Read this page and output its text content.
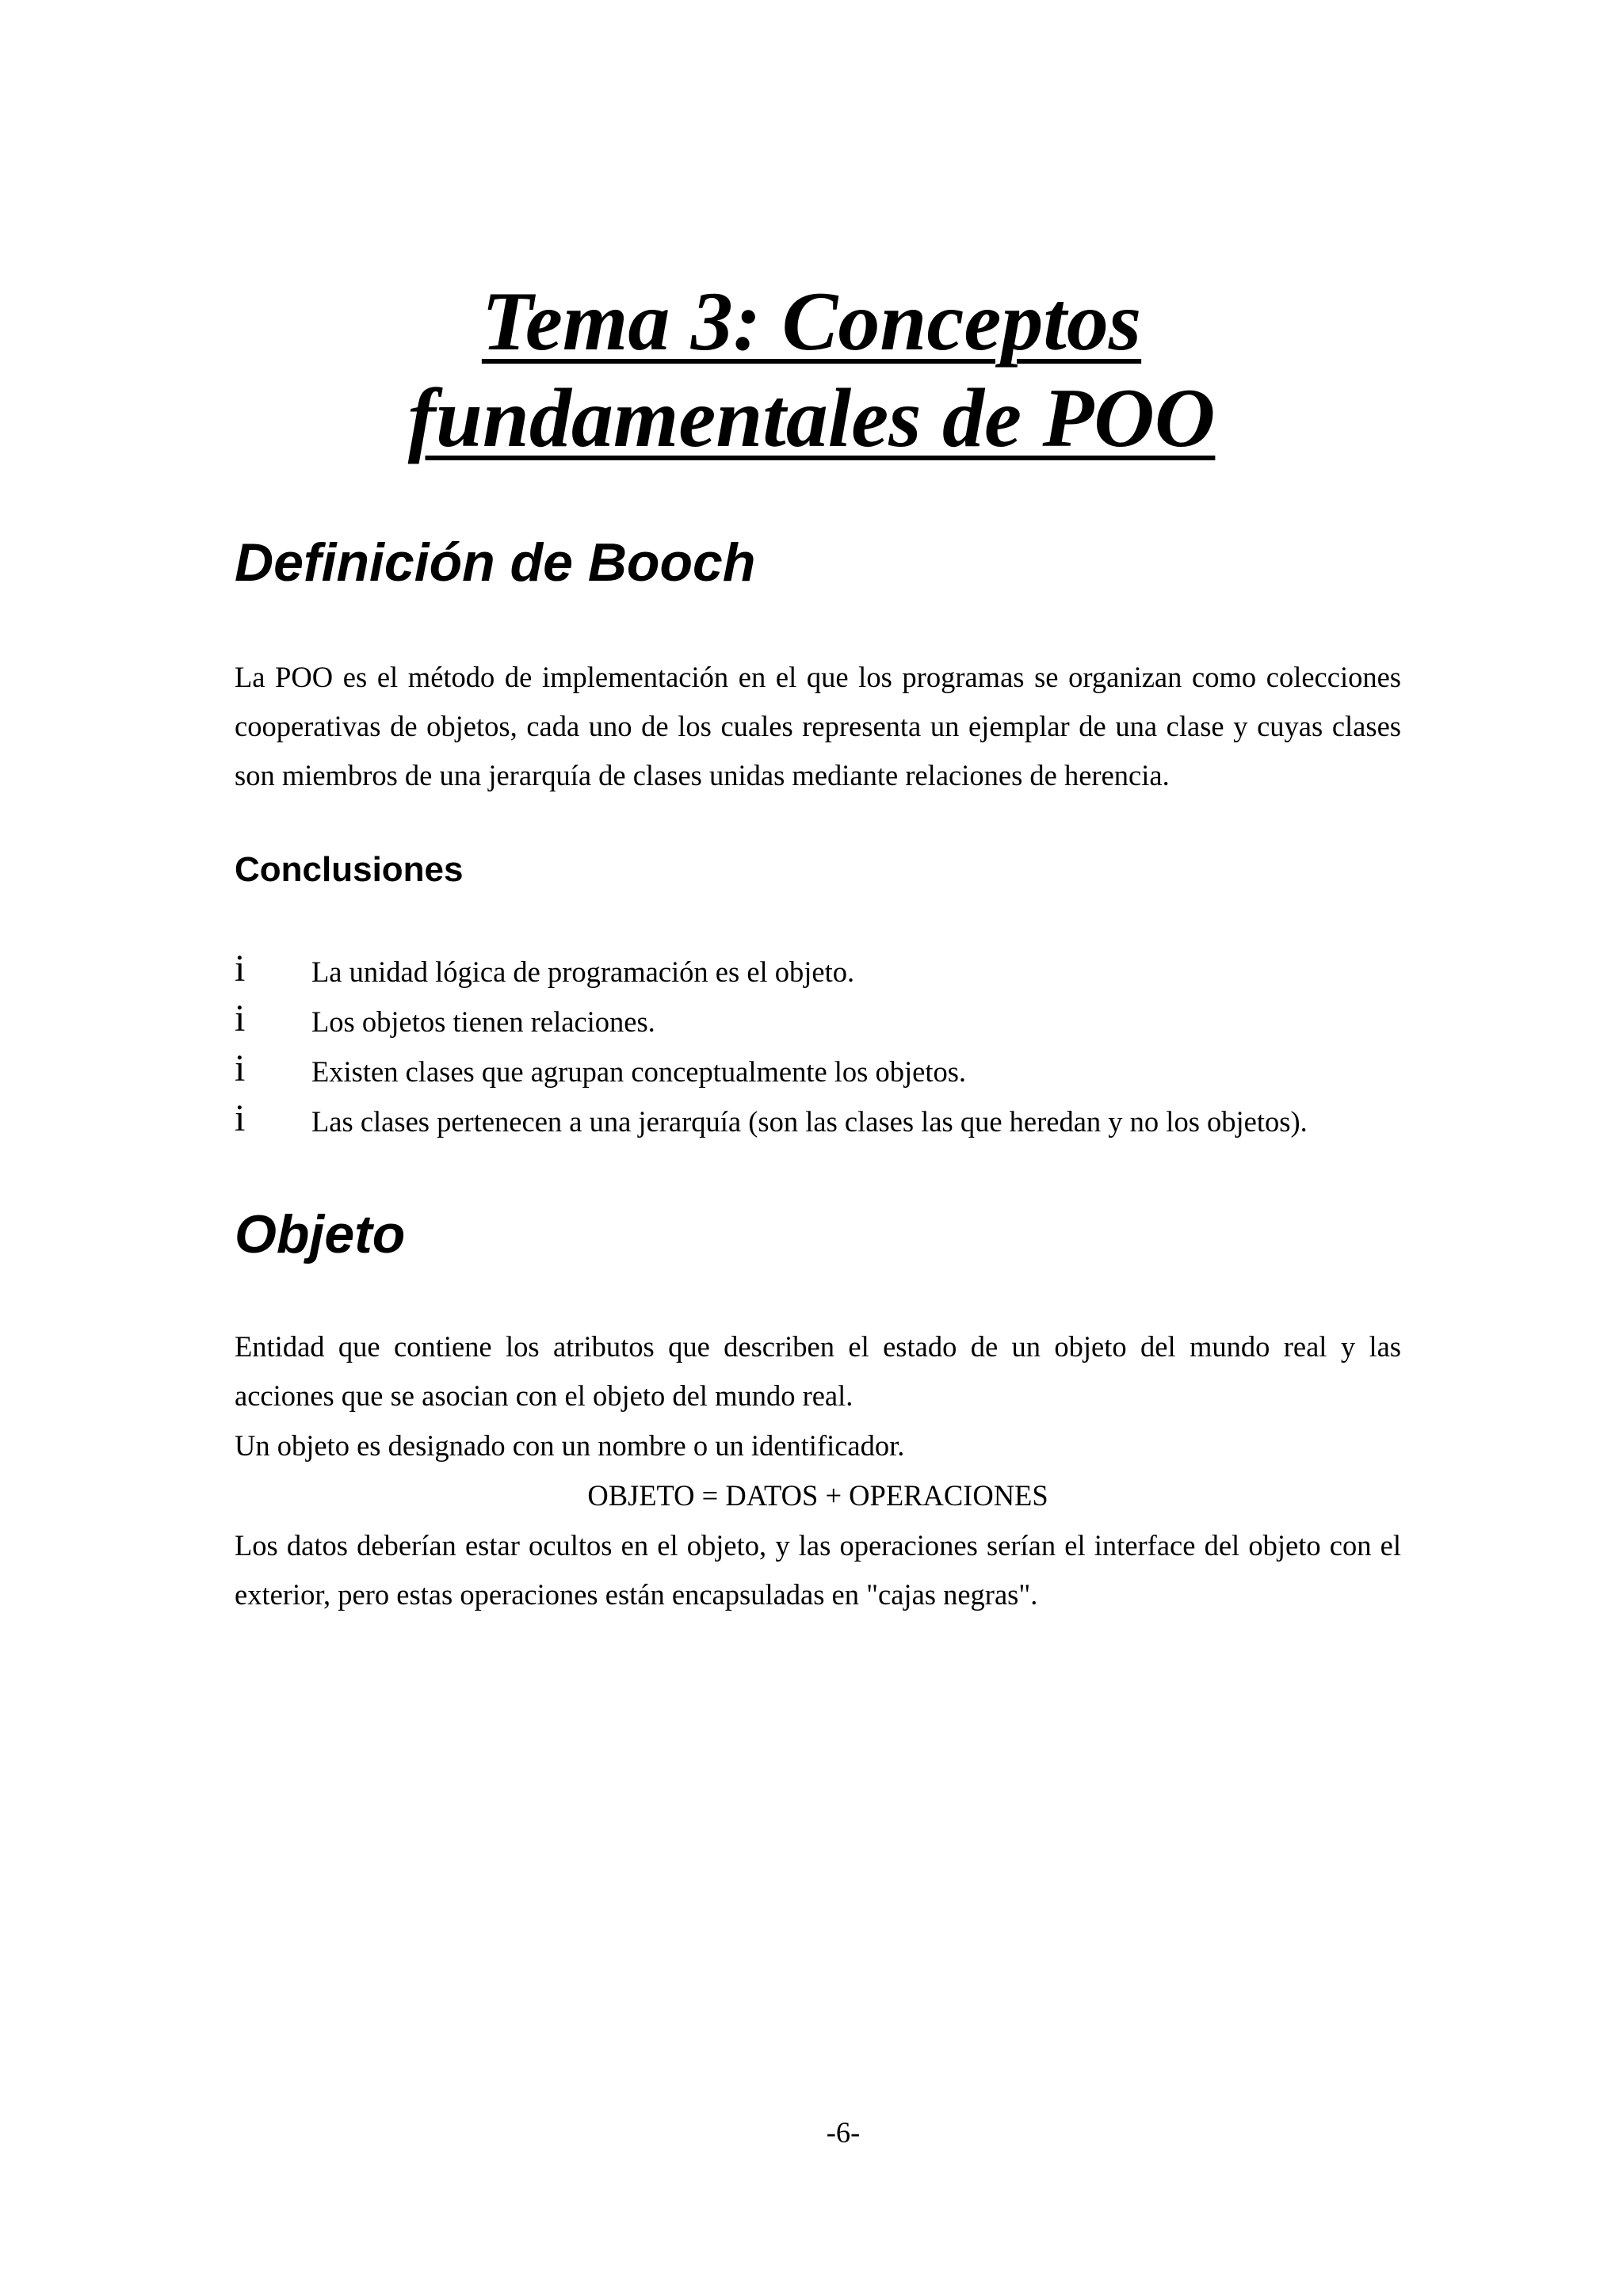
Tema 3: Conceptos
fundamentales de POO
Definición de Booch

La POO es el método de implementación en el que los programas se organizan como colecciones cooperativas de objetos, cada uno de los cuales representa un ejemplar de una clase y cuyas clases son miembros de una jerarquía de clases unidas mediante relaciones de herencia.

Conclusiones
i La unidad lógica de programación es el objeto.
i Los objetos tienen relaciones.
i Existen clases que agrupan conceptualmente los objetos.
i Las clases pertenecen a una jerarquía (son las clases las que heredan y no los objetos).
Objeto

Entidad que contiene los atributos que describen el estado de un objeto del mundo real y las acciones que se asocian con el objeto del mundo real.

Un objeto es designado con un nombre o un identificador.

OBJETO = DATOS + OPERACIONES

Los datos deberían estar ocultos en el objeto, y las operaciones serían el interface del objeto con el exterior, pero estas operaciones están encapsuladas en "cajas negras".

-6-
